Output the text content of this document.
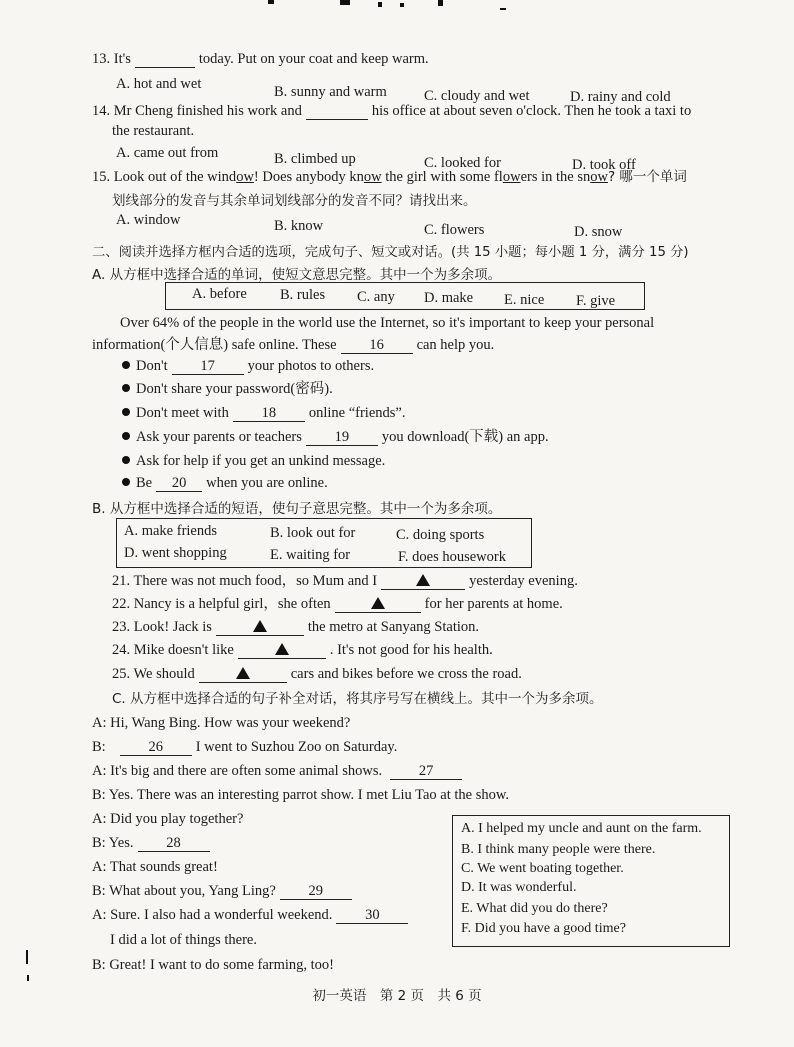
13. It's	today. Put on your coat and keep warm.
A. hot and wet	B. sunny and warm	C. cloudy and wet	D. rainy and cold
14. Mr Cheng finished his work and	his office at about seven o'clock. Then he took a taxi to
the restaurant.
A. came out from	B. climbed up	C. looked for	D. took off
15. Look out of the window! Does anybody know the girl with some flowers in the snow? 哪一个单词
划线部分的发音与其余单词划线部分的发音不同？请找出来。
A. window	B. know	C. flowers	D. snow
二、阅读并选择方框内合适的选项，完成句子、短文或对话。(共 15 小题；每小题 1 分，满分 15 分)
A. 从方框中选择合适的单词，使短文意思完整。其中一个为多余项。
A. before B. rules C. any D. make E. nice F. give
Over 64% of the people in the world use the Internet, so it's important to keep your personal
information(个人信息) safe online. These 16 can help you.
Don't 17 your photos to others.
Don't share your password(密码).
Don't meet with 18 online “friends”.
Ask your parents or teachers 19 you download(下载) an app.
Ask for help if you get an unkind message.
Be 20 when you are online.
B. 从方框中选择合适的短语，使句子意思完整。其中一个为多余项。
A. make friends	B. look out for	C. doing sports
D. went shopping	E. waiting for	F. does housework
21. There was not much food，so Mum and I	yesterday evening.
22. Nancy is a helpful girl，she often	for her parents at home.
23. Look! Jack is	the metro at Sanyang Station.
24. Mike doesn't like	. It's not good for his health.
25. We should	cars and bikes before we cross the road.
C. 从方框中选择合适的句子补全对话，将其序号写在横线上。其中一个为多余项。
A: Hi, Wang Bing. How was your weekend?
B:	26 I went to Suzhou Zoo on Saturday.
A: It's big and there are often some animal shows.	27
B: Yes. There was an interesting parrot show. I met Liu Tao at the show.
A: Did you play together?
B: Yes. 28
A: That sounds great!
B: What about you, Yang Ling? 29
A: Sure. I also had a wonderful weekend. 30
I did a lot of things there.
B: Great! I want to do some farming, too!
A. I helped my uncle and aunt on the farm.
B. I think many people were there.
C. We went boating together.
D. It was wonderful.
E. What did you do there?
F. Did you have a good time?
初一英语　第 2 页　共 6 页
